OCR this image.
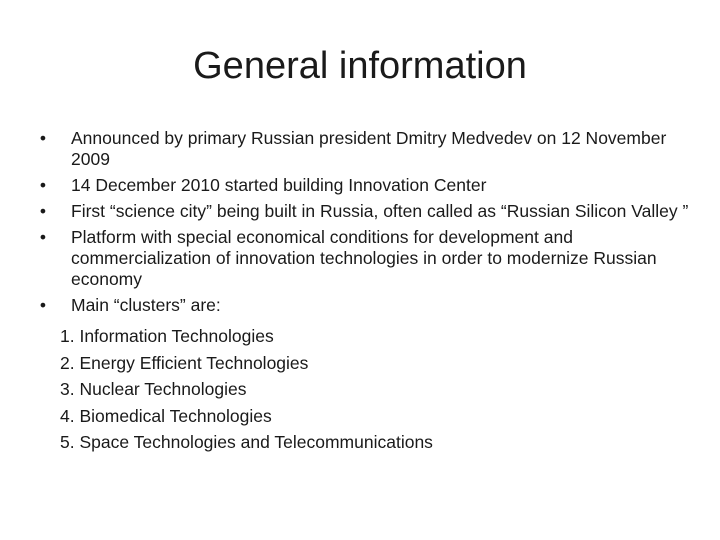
General information
• Announced by primary Russian president Dmitry Medvedev on 12 November 2009
• 14 December 2010 started building Innovation Center
• First “science city” being built in Russia, often called as “Russian Silicon Valley ”
• Platform with special economical conditions for development and commercialization of innovation technologies in order to modernize Russian economy
• Main “clusters” are:
1. Information Technologies
2. Energy Efficient Technologies
3. Nuclear Technologies
4. Biomedical Technologies
5. Space Technologies and Telecommunications
